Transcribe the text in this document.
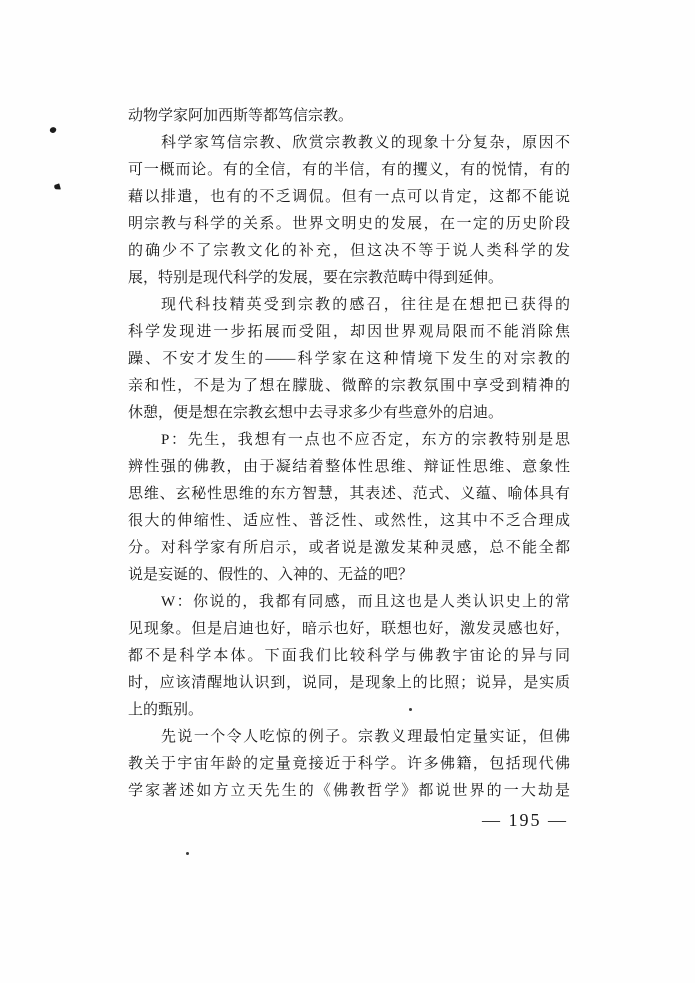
动物学家阿加西斯等都笃信宗教。
科学家笃信宗教、欣赏宗教教义的现象十分复杂，原因不
可一概而论。有的全信，有的半信，有的攫义，有的悦情，有的
藉以排遣，也有的不乏调侃。但有一点可以肯定，这都不能说
明宗教与科学的关系。世界文明史的发展，在一定的历史阶段
的确少不了宗教文化的补充，但这决不等于说人类科学的发
展，特别是现代科学的发展，要在宗教范畴中得到延伸。
现代科技精英受到宗教的感召，往往是在想把已获得的
科学发现进一步拓展而受阻，却因世界观局限而不能消除焦
躁、不安才发生的——科学家在这种情境下发生的对宗教的
亲和性，不是为了想在朦胧、微醉的宗教氛围中享受到精神的
休憩，便是想在宗教玄想中去寻求多少有些意外的启迪。
P：先生，我想有一点也不应否定，东方的宗教特别是思
辨性强的佛教，由于凝结着整体性思维、辩证性思维、意象性
思维、玄秘性思维的东方智慧，其表述、范式、义蕴、喻体具有
很大的伸缩性、适应性、普泛性、或然性，这其中不乏合理成
分。对科学家有所启示，或者说是激发某种灵感，总不能全都
说是妄诞的、假性的、入神的、无益的吧？
W：你说的，我都有同感，而且这也是人类认识史上的常
见现象。但是启迪也好，暗示也好，联想也好，激发灵感也好，
都不是科学本体。下面我们比较科学与佛教宇宙论的异与同
时，应该清醒地认识到，说同，是现象上的比照；说异，是实质
上的甄别。
先说一个令人吃惊的例子。宗教义理最怕定量实证，但佛
教关于宇宙年龄的定量竟接近于科学。许多佛籍，包括现代佛
学家著述如方立天先生的《佛教哲学》都说世界的一大劫是
— 195 —
